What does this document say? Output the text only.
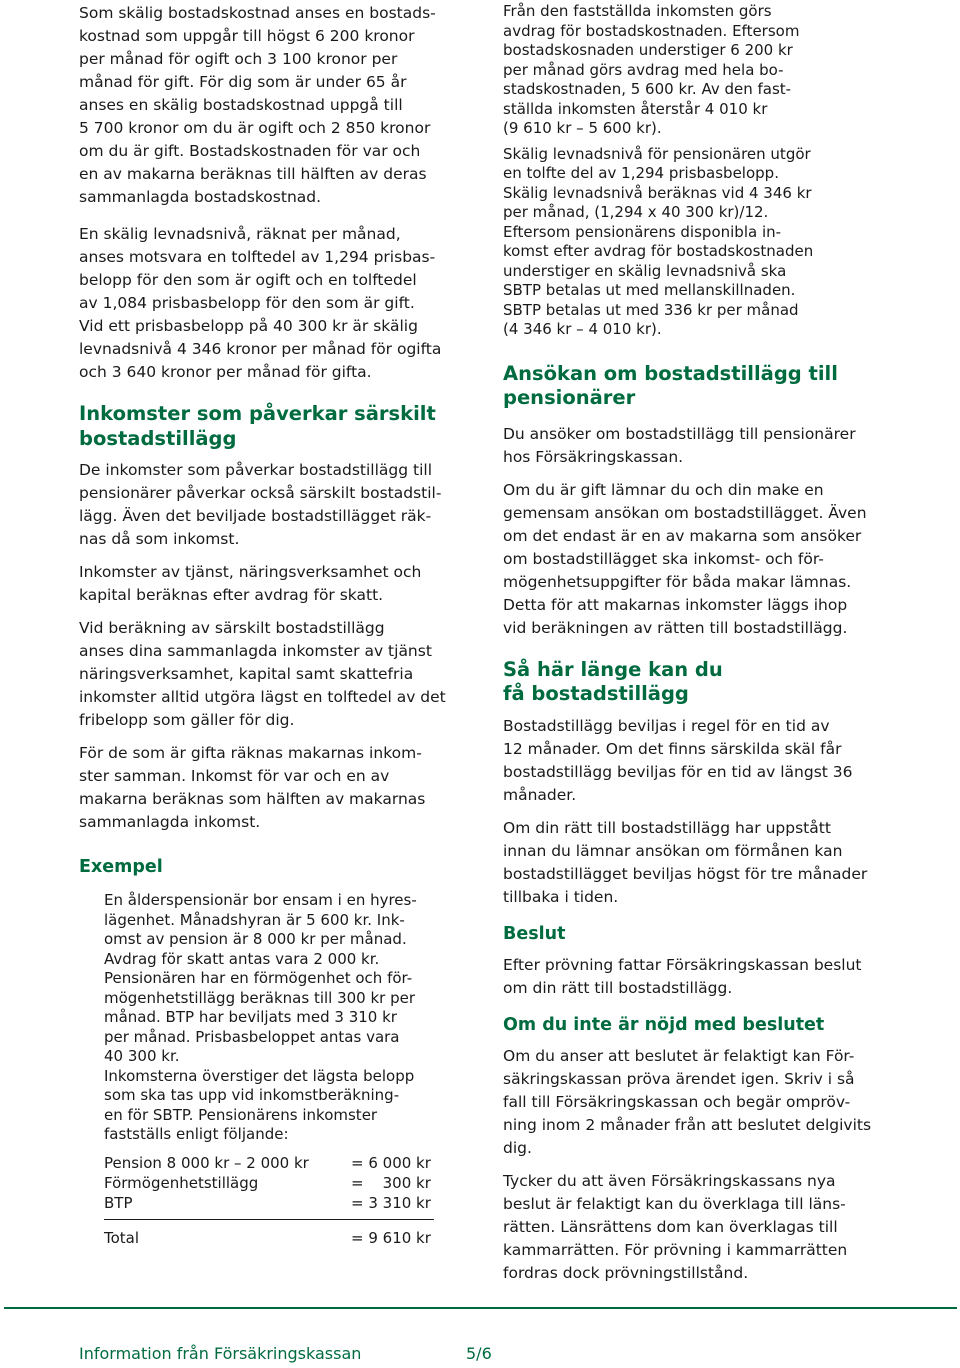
Som skälig bostadskostnad anses en bostads-
kostnad som uppgår till högst 6 200 kronor
per månad för ogift och 3 100 kronor per
månad för gift. För dig som är under 65 år
anses en skälig bostadskostnad uppgå till
5 700 kronor om du är ogift och 2 850 kronor
om du är gift. Bostadskostnaden för var och
en av makarna beräknas till hälften av deras
sammanlagda bostadskostnad.

En skälig levnadsnivå, räknat per månad,
anses motsvara en tolftedel av 1,294 prisbas-
belopp för den som är ogift och en tolftedel
av 1,084 prisbasbelopp för den som är gift.
Vid ett prisbasbelopp på 40 300 kr är skälig
levnadsnivå 4 346 kronor per månad för ogifta
och 3 640 kronor per månad för gifta.

Inkomster som påverkar särskilt
bostadstillägg

De inkomster som påverkar bostadstillägg till
pensionärer påverkar också särskilt bostadstil-
lägg. Även det beviljade bostadstillägget räk-
nas då som inkomst.

Inkomster av tjänst, näringsverksamhet och
kapital beräknas efter avdrag för skatt.

Vid beräkning av särskilt bostadstillägg
anses dina sammanlagda inkomster av tjänst
näringsverksamhet, kapital samt skattefria
inkomster alltid utgöra lägst en tolftedel av det
fribelopp som gäller för dig.

För de som är gifta räknas makarnas inkom-
ster samman. Inkomst för var och en av
makarna beräknas som hälften av makarnas
sammanlagda inkomst.

Exempel

En ålderspensionär bor ensam i en hyres-
lägenhet. Månadshyran är 5 600 kr. Ink-
omst av pension är 8 000 kr per månad.
Avdrag för skatt antas vara 2 000 kr.
Pensionären har en förmögenhet och för-
mögenhetstillägg beräknas till 300 kr per
månad. BTP har beviljats med 3 310 kr
per månad. Prisbasbeloppet antas vara
40 300 kr.
Inkomsterna överstiger det lägsta belopp
som ska tas upp vid inkomstberäkning-
en för SBTP. Pensionärens inkomster
fastställs enligt följande:

Pension 8 000 kr – 2 000 kr	= 6 000 kr
Förmögenhetstillägg	=    300 kr
BTP	= 3 310 kr
Total	= 9 610 kr

Från den fastställda inkomsten görs
avdrag för bostadskostnaden. Eftersom
bostadskosnaden understiger 6 200 kr
per månad görs avdrag med hela bo-
stadskostnaden, 5 600 kr. Av den fast-
ställda inkomsten återstår 4 010 kr
(9 610 kr – 5 600 kr).

Skälig levnadsnivå för pensionären utgör
en tolfte del av 1,294 prisbasbelopp.
Skälig levnadsnivå beräknas vid 4 346 kr
per månad, (1,294 x 40 300 kr)/12.
Eftersom pensionärens disponibla in-
komst efter avdrag för bostadskostnaden
understiger en skälig levnadsnivå ska
SBTP betalas ut med mellanskillnaden.
SBTP betalas ut med 336 kr per månad
(4 346 kr – 4 010 kr).

Ansökan om bostadstillägg till
pensionärer

Du ansöker om bostadstillägg till pensionärer
hos Försäkringskassan.

Om du är gift lämnar du och din make en
gemensam ansökan om bostadstillägget. Även
om det endast är en av makarna som ansöker
om bostadstillägget ska inkomst- och för-
mögenhetsuppgifter för båda makar lämnas.
Detta för att makarnas inkomster läggs ihop
vid beräkningen av rätten till bostadstillägg.

Så här länge kan du
få bostadstillägg

Bostadstillägg beviljas i regel för en tid av
12 månader. Om det finns särskilda skäl får
bostadstillägg beviljas för en tid av längst 36
månader.

Om din rätt till bostadstillägg har uppstått
innan du lämnar ansökan om förmånen kan
bostadstillägget beviljas högst för tre månader
tillbaka i tiden.

Beslut

Efter prövning fattar Försäkringskassan beslut
om din rätt till bostadstillägg.

Om du inte är nöjd med beslutet

Om du anser att beslutet är felaktigt kan För-
säkringskassan pröva ärendet igen. Skriv i så
fall till Försäkringskassan och begär ompröv-
ning inom 2 månader från att beslutet delgivits
dig.

Tycker du att även Försäkringskassans nya
beslut är felaktigt kan du överklaga till läns-
rätten. Länsrättens dom kan överklagas till
kammarrätten. För prövning i kammarrätten
fordras dock prövningstillstånd.

Information från Försäkringskassan	5/6
